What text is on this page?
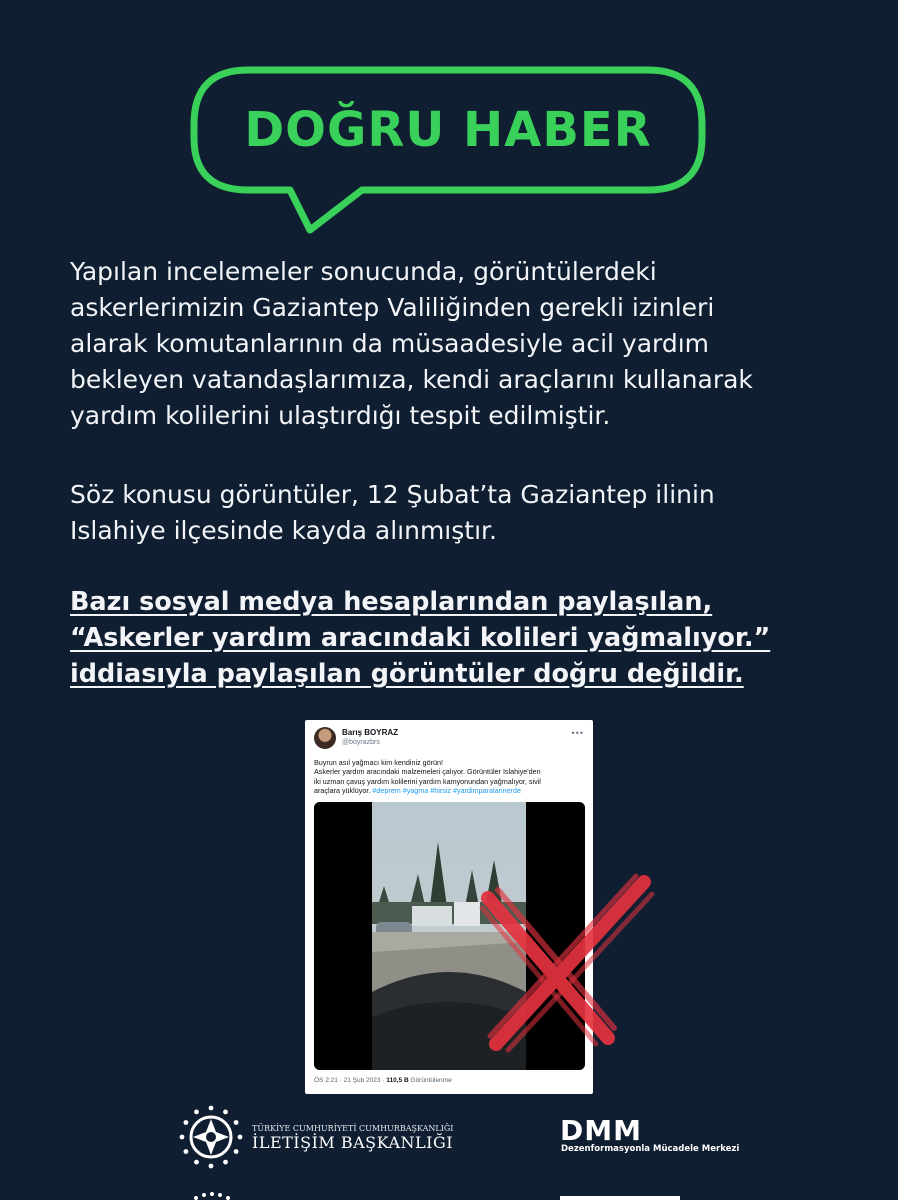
DOĞRU HABER
Yapılan incelemeler sonucunda, görüntülerdeki
askerlerimizin Gaziantep Valiliğinden gerekli izinleri
alarak komutanlarının da müsaadesiyle acil yardım
bekleyen vatandaşlarımıza, kendi araçlarını kullanarak
yardım kolilerini ulaştırdığı tespit edilmiştir.
Söz konusu görüntüler, 12 Şubat’ta Gaziantep ilinin
Islahiye ilçesinde kayda alınmıştır.
Bazı sosyal medya hesaplarından paylaşılan,
“Askerler yardım aracındaki kolileri yağmalıyor.”
iddiasıyla paylaşılan görüntüler doğru değildir.
Barış BOYRAZ
@boyrazbrs
•••
Buyrun asıl yağmacı kim kendiniz görün!
Askerler yardım aracındaki malzemeleri çalıyor. Görüntüler Islahiye'den
iki uzman çavuş yardım kolilerini yardım kamyonundan yağmalıyor, sivil
araçlara yüklüyor. #deprem #yagma #hirsiz #yardimparalarinerde
ÖS 2:21 · 21 Şub 2023 · 110,5 B Görüntülenme
TÜRKİYE CUMHURİYETİ CUMHURBAŞKANLIĞI
İLETİŞİM BAŞKANLIĞI	DMM
Dezenformasyonla Mücadele Merkezi
